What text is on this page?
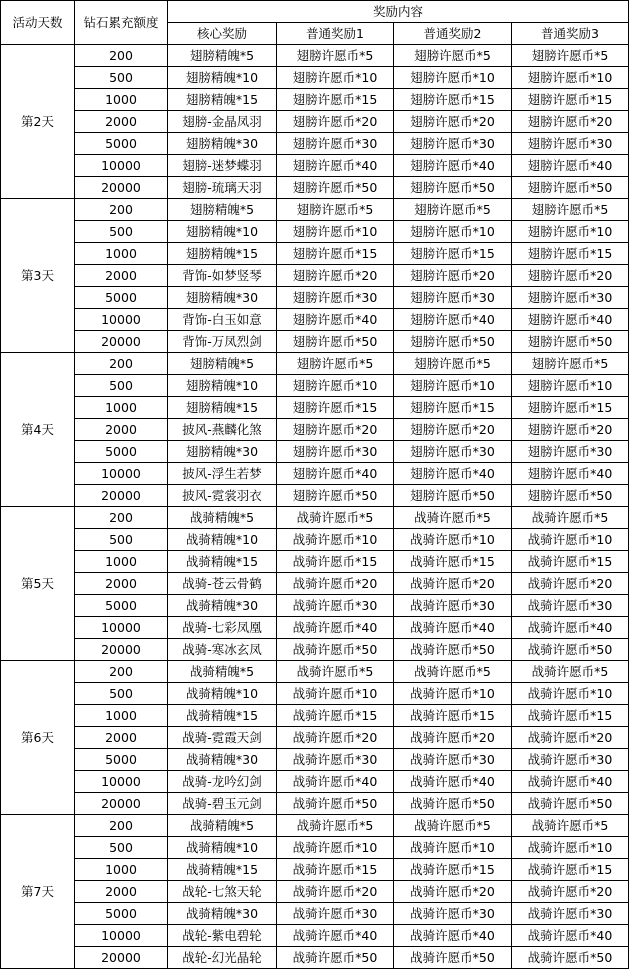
活动天数	钻石累充额度	奖励内容			
		核心奖励	普通奖励1	普通奖励2	普通奖励3
第2天	200	翅膀精魄*5	翅膀许愿币*5	翅膀许愿币*5	翅膀许愿币*5
	500	翅膀精魄*10	翅膀许愿币*10	翅膀许愿币*10	翅膀许愿币*10
	1000	翅膀精魄*15	翅膀许愿币*15	翅膀许愿币*15	翅膀许愿币*15
	2000	翅膀-金晶凤羽	翅膀许愿币*20	翅膀许愿币*20	翅膀许愿币*20
	5000	翅膀精魄*30	翅膀许愿币*30	翅膀许愿币*30	翅膀许愿币*30
	10000	翅膀-迷梦蝶羽	翅膀许愿币*40	翅膀许愿币*40	翅膀许愿币*40
	20000	翅膀-琉璃天羽	翅膀许愿币*50	翅膀许愿币*50	翅膀许愿币*50
第3天	200	翅膀精魄*5	翅膀许愿币*5	翅膀许愿币*5	翅膀许愿币*5
	500	翅膀精魄*10	翅膀许愿币*10	翅膀许愿币*10	翅膀许愿币*10
	1000	翅膀精魄*15	翅膀许愿币*15	翅膀许愿币*15	翅膀许愿币*15
	2000	背饰-如梦竖琴	翅膀许愿币*20	翅膀许愿币*20	翅膀许愿币*20
	5000	翅膀精魄*30	翅膀许愿币*30	翅膀许愿币*30	翅膀许愿币*30
	10000	背饰-白玉如意	翅膀许愿币*40	翅膀许愿币*40	翅膀许愿币*40
	20000	背饰-万凤烈剑	翅膀许愿币*50	翅膀许愿币*50	翅膀许愿币*50
第4天	200	翅膀精魄*5	翅膀许愿币*5	翅膀许愿币*5	翅膀许愿币*5
	500	翅膀精魄*10	翅膀许愿币*10	翅膀许愿币*10	翅膀许愿币*10
	1000	翅膀精魄*15	翅膀许愿币*15	翅膀许愿币*15	翅膀许愿币*15
	2000	披风-燕麟化煞	翅膀许愿币*20	翅膀许愿币*20	翅膀许愿币*20
	5000	翅膀精魄*30	翅膀许愿币*30	翅膀许愿币*30	翅膀许愿币*30
	10000	披风-浮生若梦	翅膀许愿币*40	翅膀许愿币*40	翅膀许愿币*40
	20000	披风-霓裳羽衣	翅膀许愿币*50	翅膀许愿币*50	翅膀许愿币*50
第5天	200	战骑精魄*5	战骑许愿币*5	战骑许愿币*5	战骑许愿币*5
	500	战骑精魄*10	战骑许愿币*10	战骑许愿币*10	战骑许愿币*10
	1000	战骑精魄*15	战骑许愿币*15	战骑许愿币*15	战骑许愿币*15
	2000	战骑-苍云骨鹤	战骑许愿币*20	战骑许愿币*20	战骑许愿币*20
	5000	战骑精魄*30	战骑许愿币*30	战骑许愿币*30	战骑许愿币*30
	10000	战骑-七彩凤凰	战骑许愿币*40	战骑许愿币*40	战骑许愿币*40
	20000	战骑-寒冰玄凤	战骑许愿币*50	战骑许愿币*50	战骑许愿币*50
第6天	200	战骑精魄*5	战骑许愿币*5	战骑许愿币*5	战骑许愿币*5
	500	战骑精魄*10	战骑许愿币*10	战骑许愿币*10	战骑许愿币*10
	1000	战骑精魄*15	战骑许愿币*15	战骑许愿币*15	战骑许愿币*15
	2000	战骑-霓霞天剑	战骑许愿币*20	战骑许愿币*20	战骑许愿币*20
	5000	战骑精魄*30	战骑许愿币*30	战骑许愿币*30	战骑许愿币*30
	10000	战骑-龙吟幻剑	战骑许愿币*40	战骑许愿币*40	战骑许愿币*40
	20000	战骑-碧玉元剑	战骑许愿币*50	战骑许愿币*50	战骑许愿币*50
第7天	200	战骑精魄*5	战骑许愿币*5	战骑许愿币*5	战骑许愿币*5
	500	战骑精魄*10	战骑许愿币*10	战骑许愿币*10	战骑许愿币*10
	1000	战骑精魄*15	战骑许愿币*15	战骑许愿币*15	战骑许愿币*15
	2000	战轮-七煞天轮	战骑许愿币*20	战骑许愿币*20	战骑许愿币*20
	5000	战骑精魄*30	战骑许愿币*30	战骑许愿币*30	战骑许愿币*30
	10000	战轮-紫电碧轮	战骑许愿币*40	战骑许愿币*40	战骑许愿币*40
	20000	战轮-幻光晶轮	战骑许愿币*50	战骑许愿币*50	战骑许愿币*50
